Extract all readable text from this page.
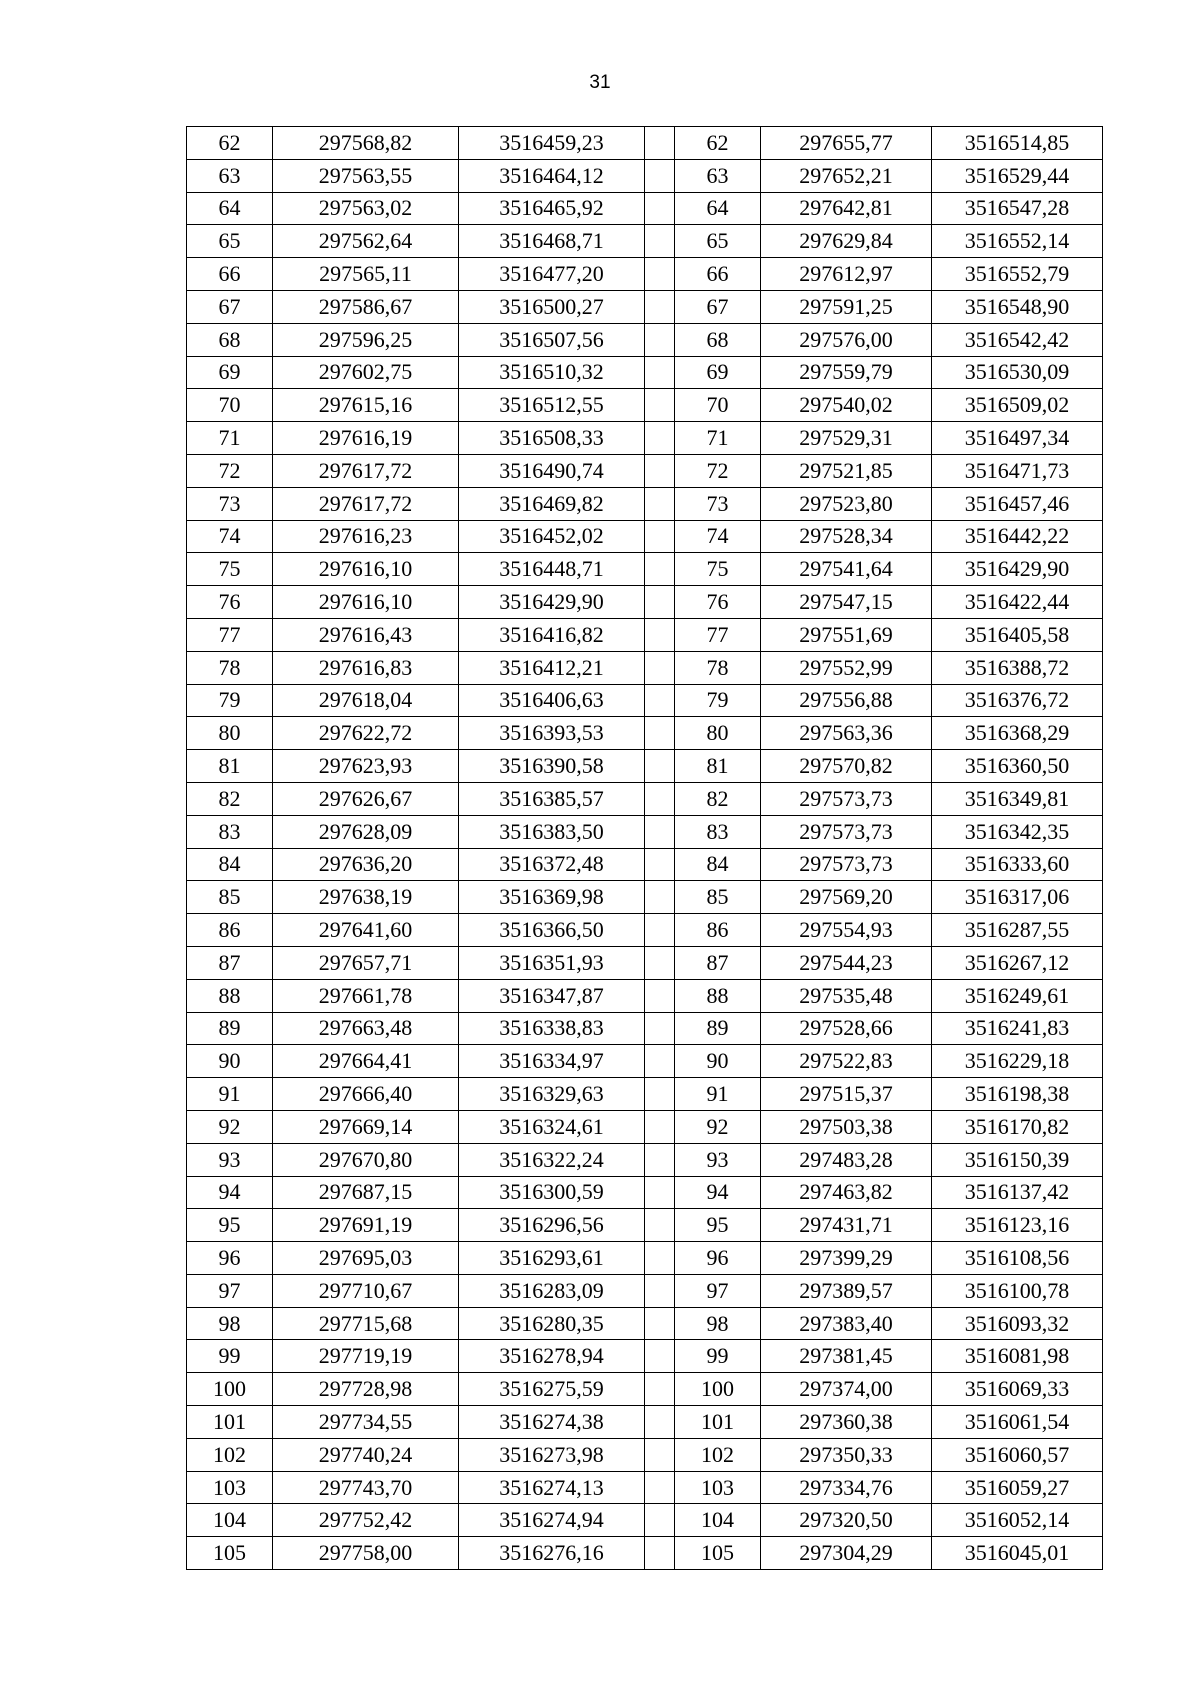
31
62	297568,82	3516459,23		62	297655,77	3516514,85
63	297563,55	3516464,12		63	297652,21	3516529,44
64	297563,02	3516465,92		64	297642,81	3516547,28
65	297562,64	3516468,71		65	297629,84	3516552,14
66	297565,11	3516477,20		66	297612,97	3516552,79
67	297586,67	3516500,27		67	297591,25	3516548,90
68	297596,25	3516507,56		68	297576,00	3516542,42
69	297602,75	3516510,32		69	297559,79	3516530,09
70	297615,16	3516512,55		70	297540,02	3516509,02
71	297616,19	3516508,33		71	297529,31	3516497,34
72	297617,72	3516490,74		72	297521,85	3516471,73
73	297617,72	3516469,82		73	297523,80	3516457,46
74	297616,23	3516452,02		74	297528,34	3516442,22
75	297616,10	3516448,71		75	297541,64	3516429,90
76	297616,10	3516429,90		76	297547,15	3516422,44
77	297616,43	3516416,82		77	297551,69	3516405,58
78	297616,83	3516412,21		78	297552,99	3516388,72
79	297618,04	3516406,63		79	297556,88	3516376,72
80	297622,72	3516393,53		80	297563,36	3516368,29
81	297623,93	3516390,58		81	297570,82	3516360,50
82	297626,67	3516385,57		82	297573,73	3516349,81
83	297628,09	3516383,50		83	297573,73	3516342,35
84	297636,20	3516372,48		84	297573,73	3516333,60
85	297638,19	3516369,98		85	297569,20	3516317,06
86	297641,60	3516366,50		86	297554,93	3516287,55
87	297657,71	3516351,93		87	297544,23	3516267,12
88	297661,78	3516347,87		88	297535,48	3516249,61
89	297663,48	3516338,83		89	297528,66	3516241,83
90	297664,41	3516334,97		90	297522,83	3516229,18
91	297666,40	3516329,63		91	297515,37	3516198,38
92	297669,14	3516324,61		92	297503,38	3516170,82
93	297670,80	3516322,24		93	297483,28	3516150,39
94	297687,15	3516300,59		94	297463,82	3516137,42
95	297691,19	3516296,56		95	297431,71	3516123,16
96	297695,03	3516293,61		96	297399,29	3516108,56
97	297710,67	3516283,09		97	297389,57	3516100,78
98	297715,68	3516280,35		98	297383,40	3516093,32
99	297719,19	3516278,94		99	297381,45	3516081,98
100	297728,98	3516275,59		100	297374,00	3516069,33
101	297734,55	3516274,38		101	297360,38	3516061,54
102	297740,24	3516273,98		102	297350,33	3516060,57
103	297743,70	3516274,13		103	297334,76	3516059,27
104	297752,42	3516274,94		104	297320,50	3516052,14
105	297758,00	3516276,16		105	297304,29	3516045,01
